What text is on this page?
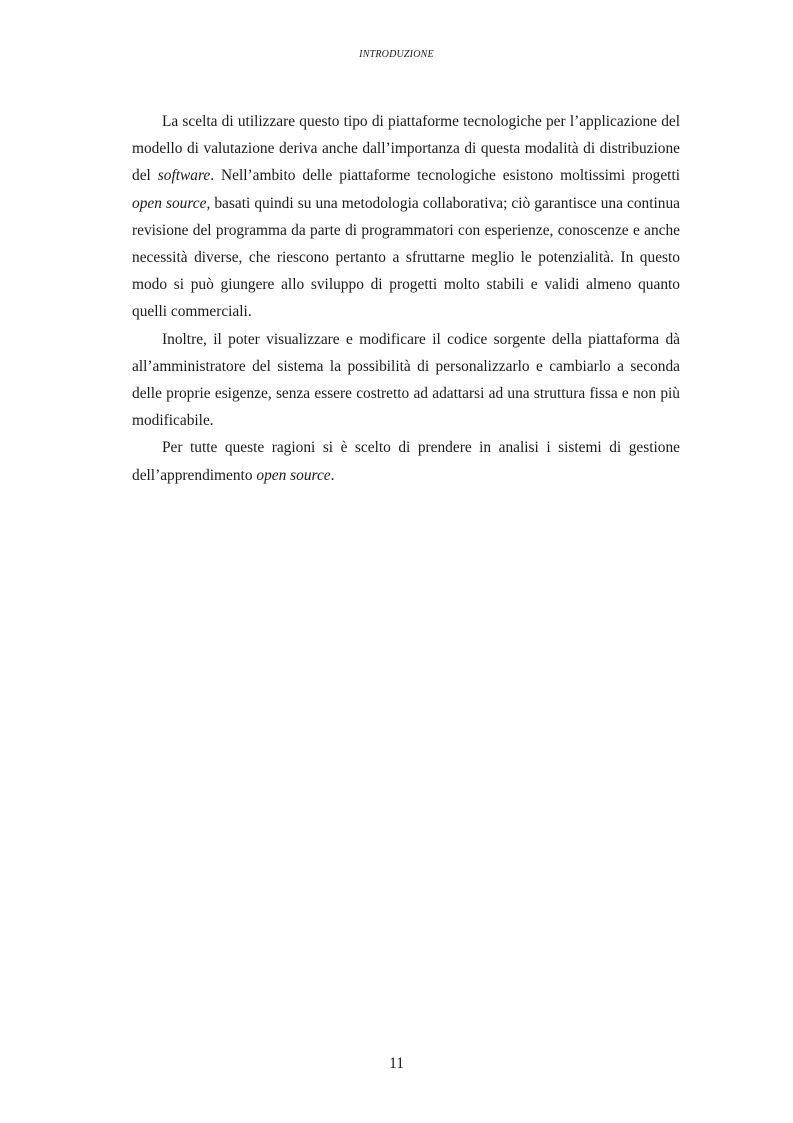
INTRODUZIONE

La scelta di utilizzare questo tipo di piattaforme tecnologiche per l’applicazione del modello di valutazione deriva anche dall’importanza di questa modalità di distribuzione del software. Nell’ambito delle piattaforme tecnologiche esistono moltissimi progetti open source, basati quindi su una metodologia collaborativa; ciò garantisce una continua revisione del programma da parte di programmatori con esperienze, conoscenze e anche necessità diverse, che riescono pertanto a sfruttarne meglio le potenzialità. In questo modo si può giungere allo sviluppo di progetti molto stabili e validi almeno quanto quelli commerciali.

Inoltre, il poter visualizzare e modificare il codice sorgente della piattaforma dà all’amministratore del sistema la possibilità di personalizzarlo e cambiarlo a seconda delle proprie esigenze, senza essere costretto ad adattarsi ad una struttura fissa e non più modificabile.

Per tutte queste ragioni si è scelto di prendere in analisi i sistemi di gestione dell’apprendimento open source.

11
